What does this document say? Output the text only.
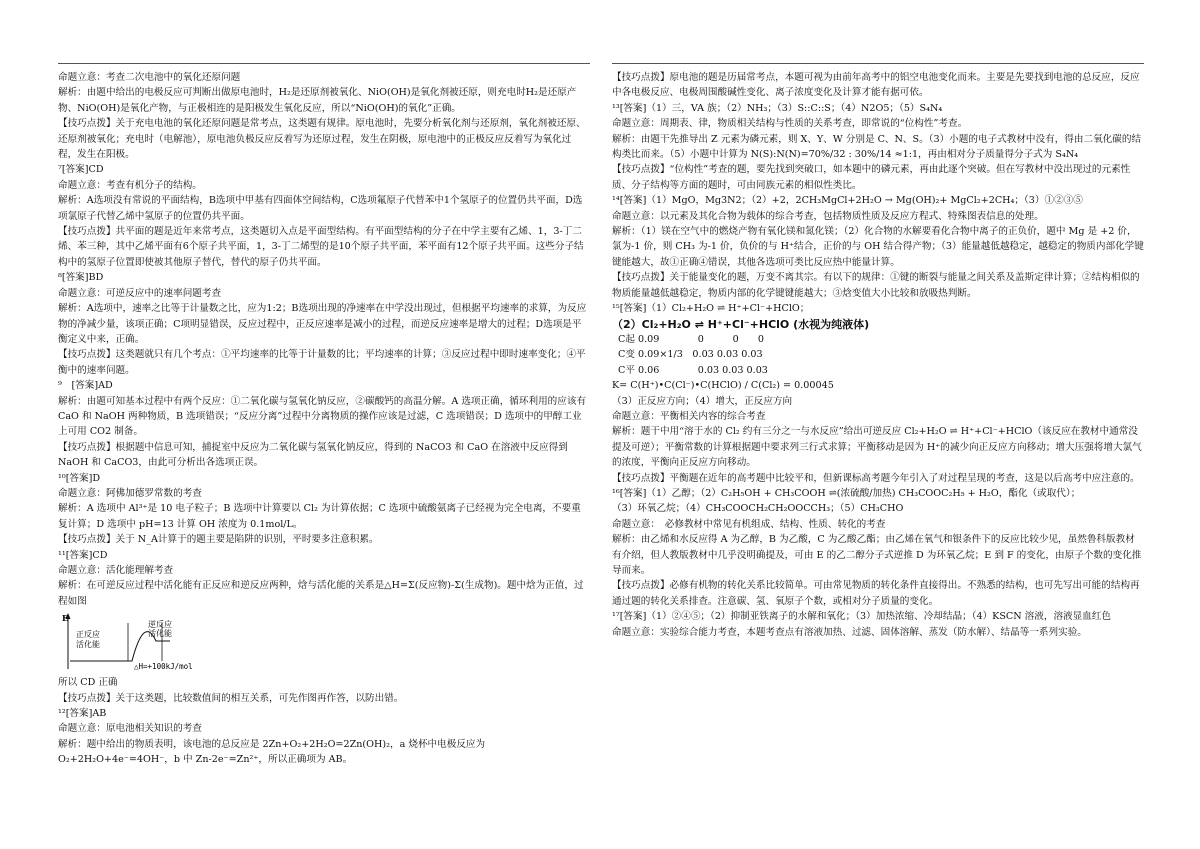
命题立意：考查二次电池中的氧化还原问题

解析：由题中给出的电极反应可判断出做原电池时，H₂是还原剂被氧化、NiO(OH)是氧化剂被还原，则充电时H₂是还原产物、NiO(OH)是氧化产物，与正极相连的是阳极发生氧化反应，所以“NiO(OH)的氧化”正确。

【技巧点拨】关于充电电池的氧化还原问题是常考点，这类题有规律。原电池时，先要分析氧化剂与还原剂，氧化剂被还原、还原剂被氧化；充电时（电解池），原电池负极反应反着写为还原过程，发生在阴极，原电池中的正极反应反着写为氧化过程，发生在阳极。

⁷[答案]CD

命题立意：考查有机分子的结构。

解析：A选项没有常说的平面结构，B选项中甲基有四面体空间结构，C选项氟原子代替苯中1个氢原子的位置仍共平面，D选项氯原子代替乙烯中氢原子的位置仍共平面。

【技巧点拨】共平面的题是近年来常考点，这类题切入点是平面型结构。有平面型结构的分子在中学主要有乙烯、1，3-丁二烯、苯三种，其中乙烯平面有6个原子共平面，1，3-丁二烯型的是10个原子共平面，苯平面有12个原子共平面。这些分子结构中的氢原子位置即使被其他原子替代，替代的原子仍共平面。

⁸[答案]BD

命题立意：可逆反应中的速率问题考查

解析：A选项中，速率之比等于计量数之比，应为1:2；B选项出现的净速率在中学没出现过，但根据平均速率的求算，为反应物的净减少量，该项正确；C项明显错误，反应过程中，正反应速率是减小的过程，而逆反应速率是增大的过程；D选项是平衡定义中来，正确。

【技巧点拨】这类题就只有几个考点：①平均速率的比等于计量数的比；平均速率的计算；③反应过程中即时速率变化；④平衡中的速率问题。

⁹　[答案]AD

解析：由题可知基本过程中有两个反应：①二氧化碳与氢氧化钠反应，②碳酸钙的高温分解。A 选项正确，循环利用的应该有 CaO 和 NaOH 两种物质，B 选项错误；“反应分离”过程中分离物质的操作应该是过滤，C 选项错误；D 选项中的甲醇工业上可用 CO2 制备。

【技巧点拨】根据题中信息可知，捕捉室中反应为二氧化碳与氢氧化钠反应，得到的 NaCO3 和 CaO 在溶液中反应得到 NaOH 和 CaCO3，由此可分析出各选项正误。

¹⁰[答案]D

命题立意：阿佛加德罗常数的考查

解析：A 选项中 Al³⁺是 10 电子粒子；B 选项中计算要以 Cl₂ 为计算依据；C 选项中硫酸氨离子已经视为完全电离，不要重复计算；D 选项中 pH=13 计算 OH 浓度为 0.1mol/L。

【技巧点拨】关于 N_A计算于的题主要是陷阱的识别，平时要多注意积累。

¹¹[答案]CD

命题立意：活化能理解考查

解析：在可逆反应过程中活化能有正反应和逆反应两种，焓与活化能的关系是△H=Σ(反应物)-Σ(生成物)。题中焓为正值，过程如图

E
正反应
活化能
逆反应
活化能
△H=+100kJ/mol

所以 CD 正确

【技巧点拨】关于这类题，比较数值间的相互关系，可先作图再作答，以防出错。

¹²[答案]AB

命题立意：原电池相关知识的考查

解析：题中给出的物质表明，该电池的总反应是 2Zn+O₂+2H₂O=2Zn(OH)₂，a 烧杯中电极反应为 O₂+2H₂O+4e⁻=4OH⁻，b 中 Zn-2e⁻=Zn²⁺，所以正确项为 AB。

【技巧点拨】原电池的题是历届常考点，本题可视为由前年高考中的铝空电池变化而来。主要是先要找到电池的总反应，反应中各电极反应、电极周围酸碱性变化、离子浓度变化及计算才能有据可依。

¹³[答案]（1）三，VA 族；（2）NH₃；（3）S::C::S；（4）N2O5；（5）S₄N₄

命题立意：周期表、律，物质相关结构与性质的关系考查，即常说的“位构性”考查。

解析：由题干先推导出 Z 元素为磷元素，则 X、Y、W 分别是 C、N、S。（3）小题的电子式教材中没有，得由二氧化碳的结构类比而来。（5）小题中计算为 N(S):N(N)=70%/32 : 30%/14 ≈1:1，再由相对分子质量得分子式为 S₄N₄

【技巧点拨】“位构性”考查的题，要先找到突破口，如本题中的磷元素，再由此逐个突破。但在写教材中没出现过的元素性质、分子结构等方面的题时，可由同族元素的相似性类比。

¹⁴[答案]（1）MgO，Mg3N2；（2）+2，2CH₃MgCl+2H₂O → Mg(OH)₂+ MgCl₂+2CH₄；（3）①②③⑤

命题立意：以元素及其化合物为载体的综合考查，包括物质性质及反应方程式、特殊图表信息的处理。

解析：（1）镁在空气中的燃烧产物有氧化镁和氮化镁；（2）化合物的水解要看化合物中离子的正负价，题中 Mg 是 +2 价，氯为-1 价，则 CH₃ 为-1 价，负价的与 H⁺结合，正价的与 OH 结合得产物；（3）能量越低越稳定，越稳定的物质内部化学键键能越大，故①正确④错误，其他各选项可类比反应热中能量计算。

【技巧点拨】关于能量变化的题，万变不离其宗。有以下的规律：①键的断裂与能量之间关系及盖斯定律计算；②结构相似的物质能量越低越稳定，物质内部的化学键键能越大；③焓变值大小比较和放吸热判断。

¹⁵[答案]（1）Cl₂+H₂O ⇌ H⁺+Cl⁻+HClO；

（2）Cl₂+H₂O ⇌ H⁺+Cl⁻+HClO (水视为纯液体)

C起 0.09　　　　0　　　0　　0

C变 0.09×1/3　0.03 0.03 0.03

C平 0.06　　　　0.03 0.03 0.03

K= C(H⁺)•C(Cl⁻)•C(HClO) / C(Cl₂) = 0.00045

（3）正反应方向；（4）增大，正反应方向

命题立意：平衡相关内容的综合考查

解析：题干中用“溶于水的 Cl₂ 约有三分之一与水反应”给出可逆反应 Cl₂+H₂O ⇌ H⁺+Cl⁻+HClO（该反应在教材中通常没提及可逆）；平衡常数的计算根据题中要求列三行式求算；平衡移动是因为 H⁺的减少向正反应方向移动；增大压强将增大氯气的浓度，平衡向正反应方向移动。

【技巧点拨】平衡题在近年的高考题中比较平和，但新课标高考题今年引入了对过程呈现的考查，这是以后高考中应注意的。

¹⁶[答案]（1）乙醇；（2）C₂H₅OH + CH₃COOH ⇌(浓硫酸/加热) CH₃COOC₂H₅ + H₂O，酯化（或取代）；

（3）环氧乙烷；（4）CH₃COOCH₂CH₂OOCCH₃；（5）CH₃CHO

命题立意：　必修教材中常见有机组成、结构、性质、转化的考查

解析：由乙烯和水反应得 A 为乙醇，B 为乙酸，C 为乙酸乙酯；由乙烯在氧气和银条件下的反应比较少见，虽然鲁科版教材有介绍，但人教版教材中几乎没明确提及，可由 E 的乙二醇分子式逆推 D 为环氧乙烷；E 到 F 的变化，由原子个数的变化推导而来。

【技巧点拨】必修有机物的转化关系比较简单。可由常见物质的转化条件直接得出。不熟悉的结构，也可先写出可能的结构再通过题的转化关系排查。注意碳、氢、氧原子个数，或相对分子质量的变化。

¹⁷[答案]（1）②④⑤；（2）抑制亚铁离子的水解和氧化；（3）加热浓缩、冷却结晶；（4）KSCN 溶液，溶液显血红色

命题立意：实验综合能力考查，本题考查点有溶液加热、过滤、固体溶解、蒸发（防水解）、结晶等一系列实验。
